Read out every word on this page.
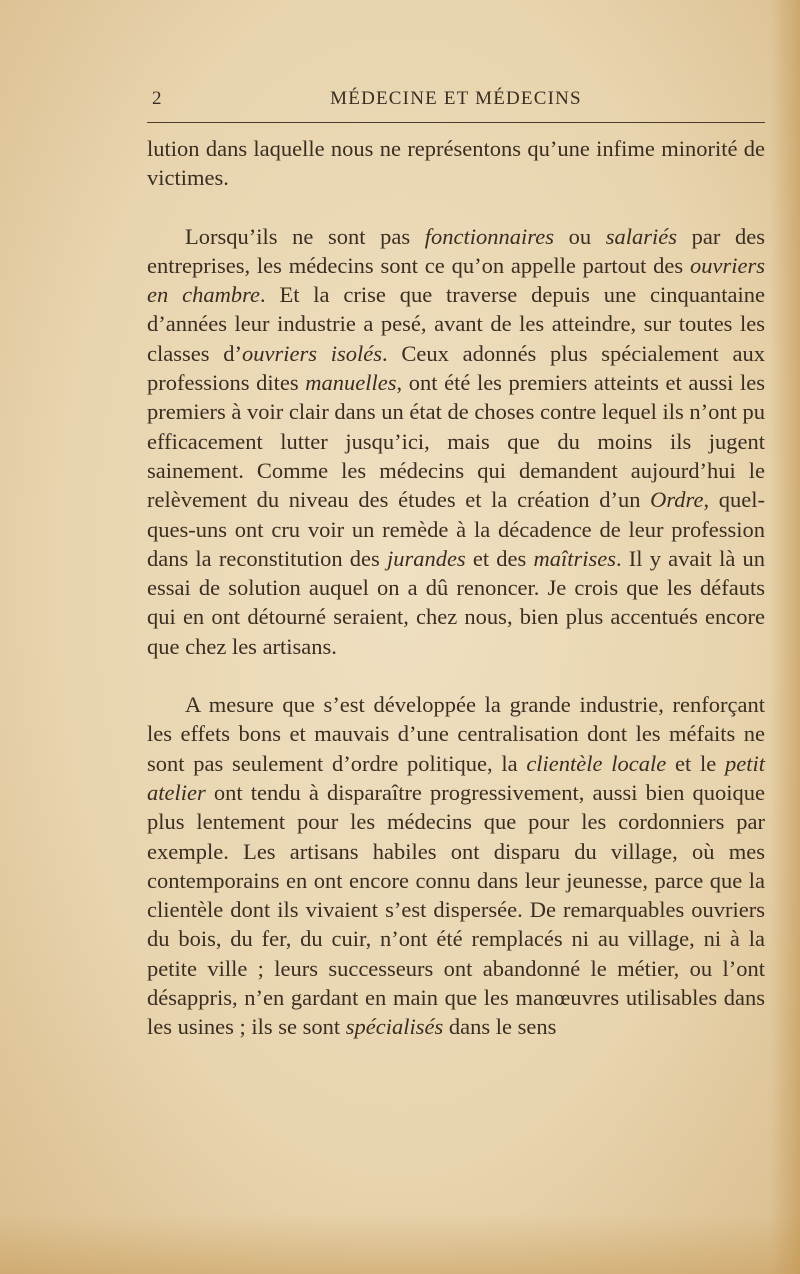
2	MÉDECINE ET MÉDECINS

lution dans laquelle nous ne représentons qu’une infime minorité de victimes.

Lorsqu’ils ne sont pas fonctionnaires ou salariés par des entreprises, les médecins sont ce qu’on appelle partout des ouvriers en chambre. Et la crise que traverse depuis une cinquantaine d’années leur industrie a pesé, avant de les atteindre, sur toutes les classes d’ouvriers isolés. Ceux adonnés plus spécialement aux professions dites manuelles, ont été les premiers atteints et aussi les premiers à voir clair dans un état de choses contre lequel ils n’ont pu efficacement lutter jusqu’ici, mais que du moins ils jugent sainement. Comme les médecins qui demandent aujourd’hui le relèvement du niveau des études et la création d’un Ordre, quelques-uns ont cru voir un remède à la décadence de leur profession dans la reconstitution des jurandes et des maîtrises. Il y avait là un essai de solution auquel on a dû renoncer. Je crois que les défauts qui en ont détourné seraient, chez nous, bien plus accentués encore que chez les artisans.

A mesure que s’est développée la grande industrie, renforçant les effets bons et mauvais d’une centralisation dont les méfaits ne sont pas seulement d’ordre politique, la clientèle locale et le petit atelier ont tendu à disparaître progressivement, aussi bien quoique plus lentement pour les médecins que pour les cordonniers par exemple. Les artisans habiles ont disparu du village, où mes contemporains en ont encore connu dans leur jeunesse, parce que la clientèle dont ils vivaient s’est dispersée. De remarquables ouvriers du bois, du fer, du cuir, n’ont été remplacés ni au village, ni à la petite ville ; leurs successeurs ont abandonné le métier, ou l’ont désappris, n’en gardant en main que les manœuvres utilisables dans les usines ; ils se sont spécialisés dans le sens
